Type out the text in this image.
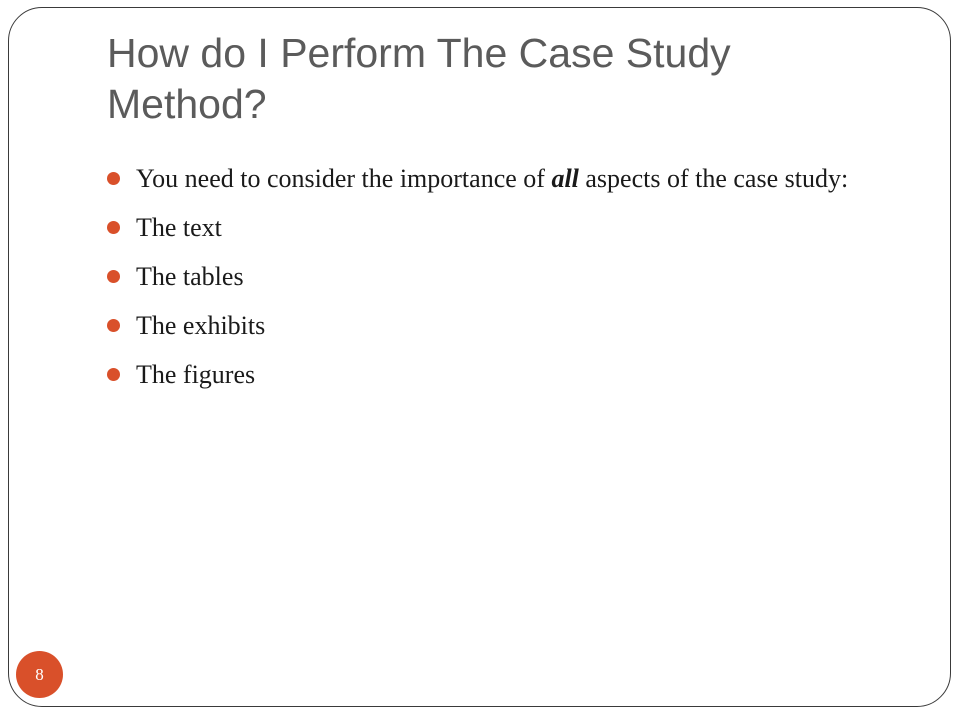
How do I Perform The Case Study Method?
You need to consider the importance of all aspects of the case study:
The text
The tables
The exhibits
The figures
8
